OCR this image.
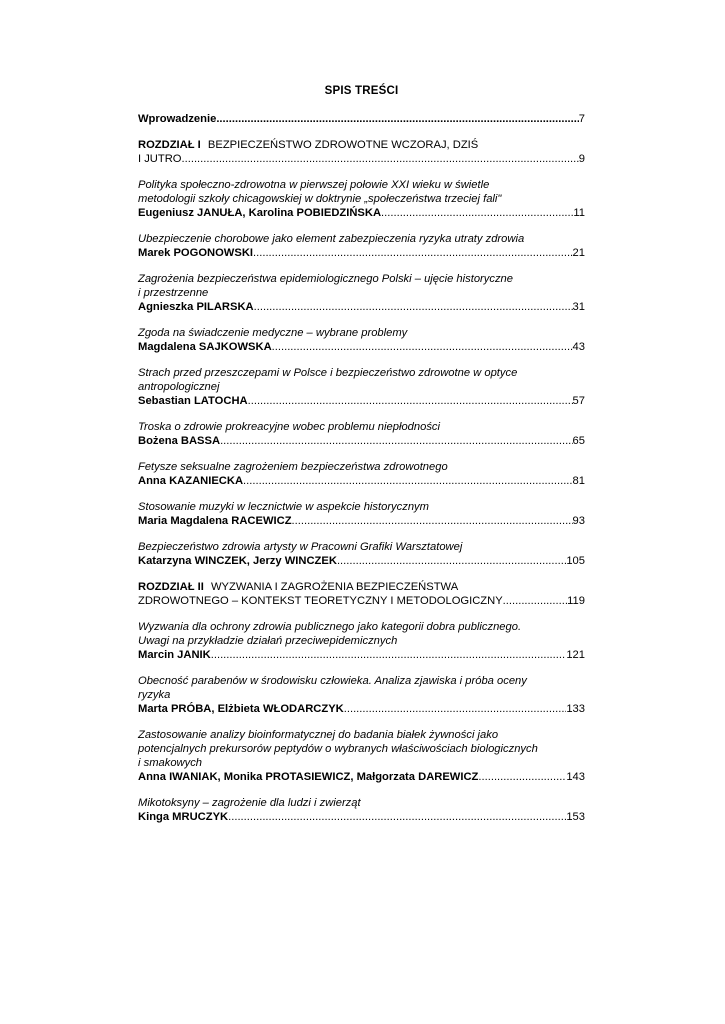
SPIS TREŚCI
Wprowadzenie .....	7
ROZDZIAŁ I BEZPIECZEŃSTWO ZDROWOTNE WCZORAJ, DZIŚ
I JUTRO .....	9
Polityka społeczno-zdrowotna w pierwszej połowie XXI wieku w świetle
metodologii szkoły chicagowskiej w doktrynie „społeczeństwa trzeciej fali"
Eugeniusz JANUŁA, Karolina POBIEDZIŃSKA .....	11
Ubezpieczenie chorobowe jako element zabezpieczenia ryzyka utraty zdrowia
Marek POGONOWSKI .....	21
Zagrożenia bezpieczeństwa epidemiologicznego Polski – ujęcie historyczne
i przestrzenne
Agnieszka PILARSKA .....	31
Zgoda na świadczenie medyczne – wybrane problemy
Magdalena SAJKOWSKA .....	43
Strach przed przeszczepami w Polsce i bezpieczeństwo zdrowotne w optyce
antropologicznej
Sebastian LATOCHA .....	57
Troska o zdrowie prokreacyjne wobec problemu niepłodności
Bożena BASSA .....	65
Fetysze seksualne zagrożeniem bezpieczeństwa zdrowotnego
Anna KAZANIECKA .....	81
Stosowanie muzyki w lecznictwie w aspekcie historycznym
Maria Magdalena RACEWICZ .....	93
Bezpieczeństwo zdrowia artysty w Pracowni Grafiki Warsztatowej
Katarzyna WINCZEK, Jerzy WINCZEK .....	105
ROZDZIAŁ II WYZWANIA I ZAGROŻENIA BEZPIECZEŃSTWA
ZDROWOTNEGO – KONTEKST TEORETYCZNY I METODOLOGICZNY .....	119
Wyzwania dla ochrony zdrowia publicznego jako kategorii dobra publicznego.
Uwagi na przykładzie działań przeciwepidemicznych
Marcin JANIK .....	121
Obecność parabenów w środowisku człowieka. Analiza zjawiska i próba oceny
ryzyka
Marta PRÓBA, Elżbieta WŁODARCZYK .....	133
Zastosowanie analizy bioinformatycznej do badania białek żywności jako
potencjalnych prekursorów peptydów o wybranych właściwościach biologicznych
i smakowych
Anna IWANIAK, Monika PROTASIEWICZ, Małgorzata DAREWICZ .....	143
Mikotoksyny – zagrożenie dla ludzi i zwierząt
Kinga MRUCZYK .....	153
